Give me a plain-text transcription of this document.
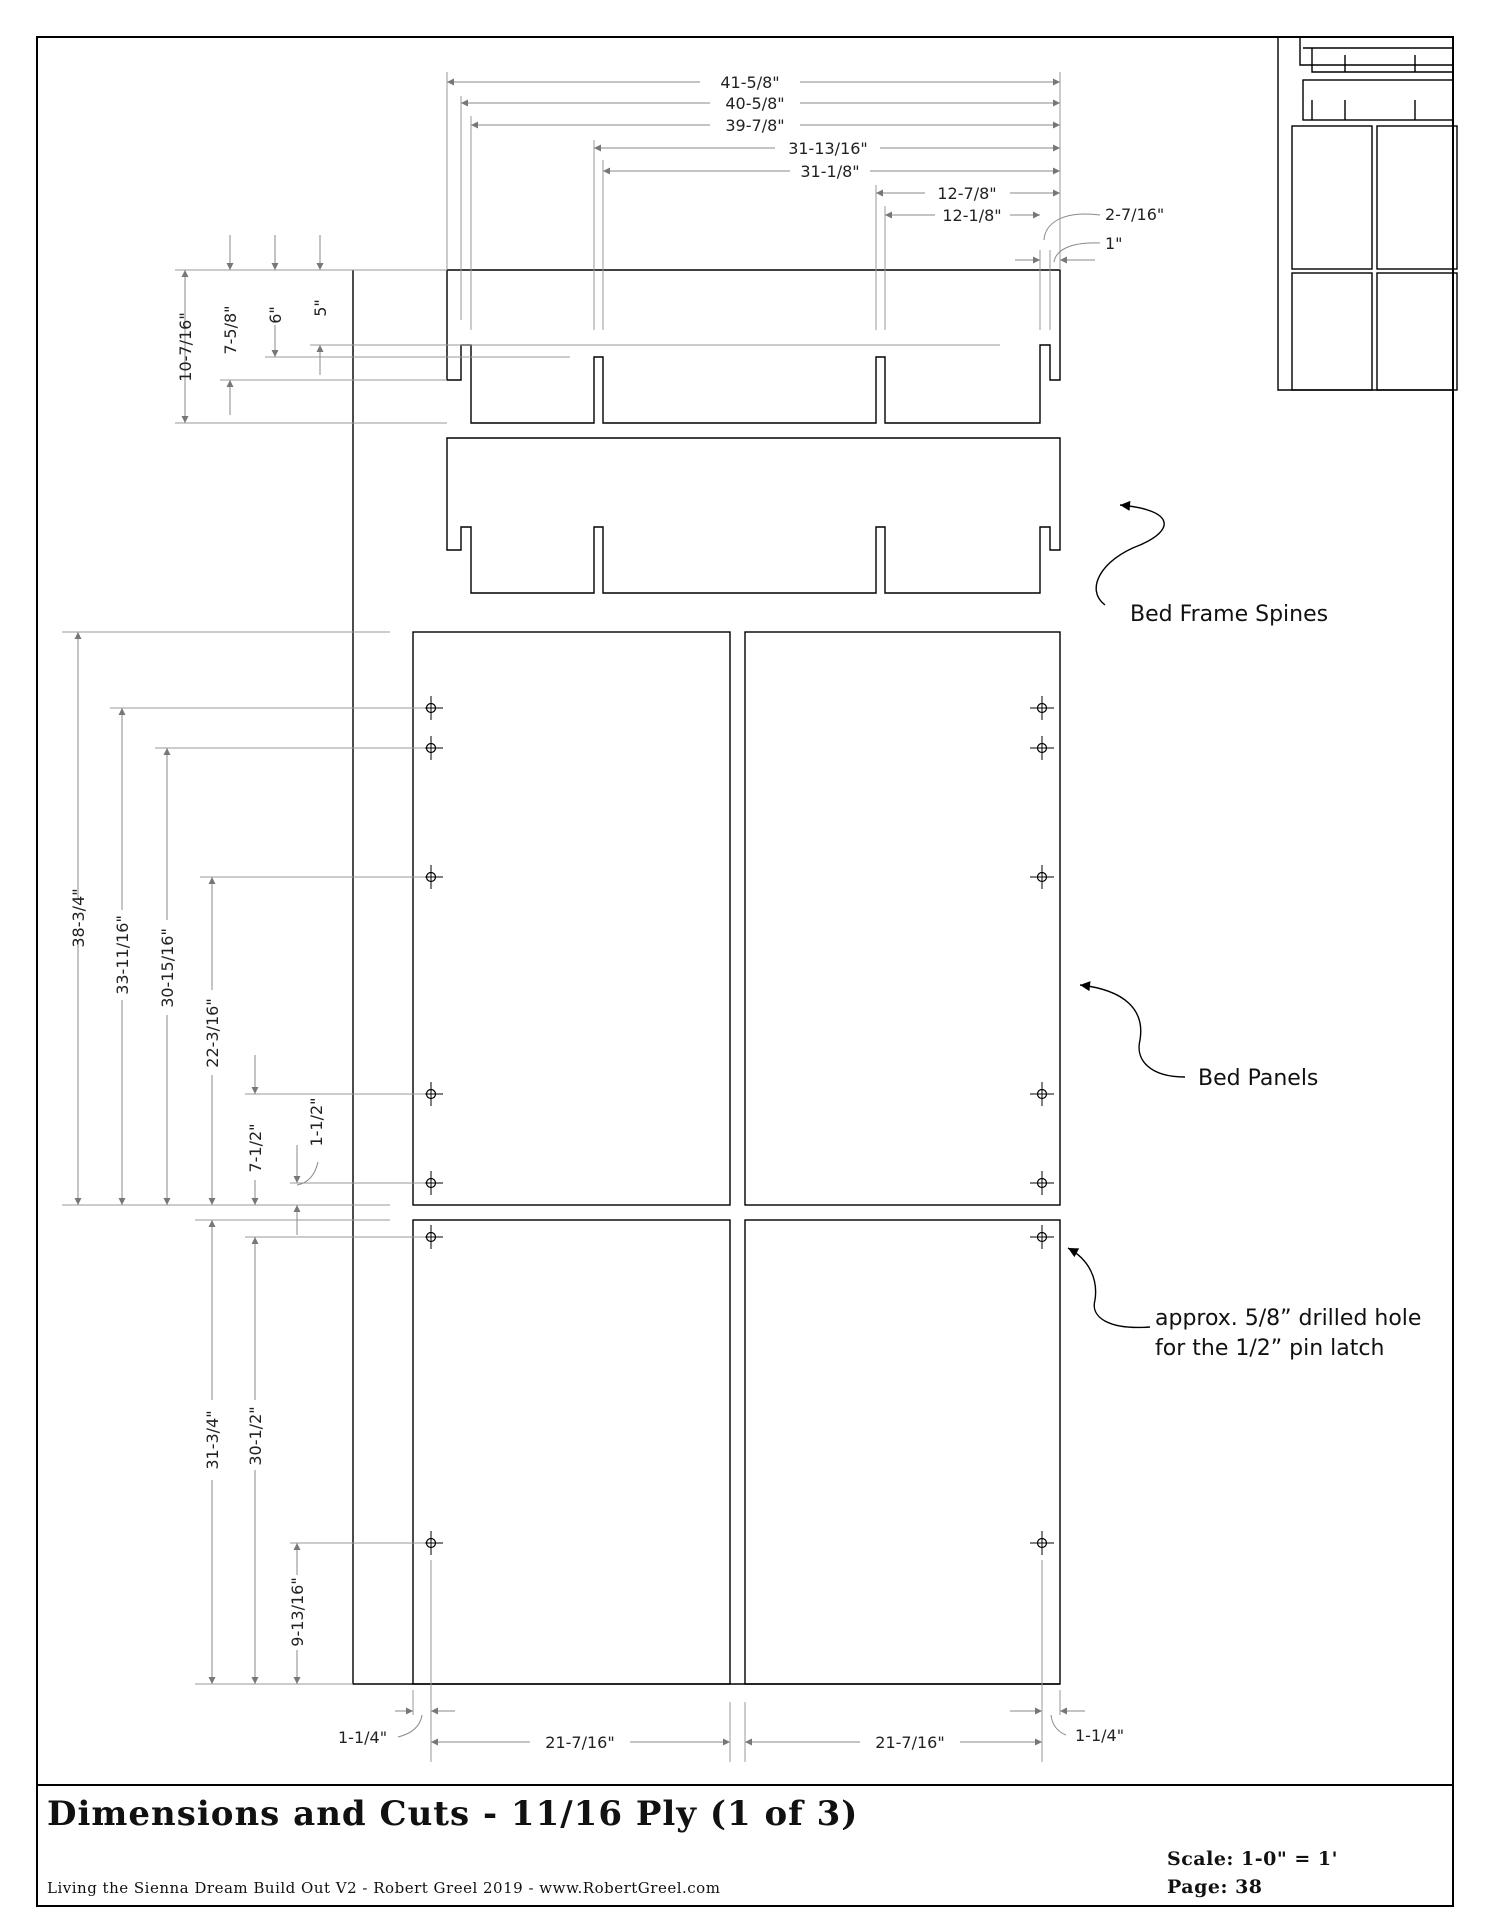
41-5/8"
40-5/8"
39-7/8"
31-13/16"
31-1/8"
12-7/8"
12-1/8"	2-7/16"
1"
10-7/16" 7-5/8" 6" 5"
38-3/4" 33-11/16" 30-15/16"
22-3/16"
7-1/2"
1-1/2"
31-3/4" 30-1/2"
9-13/16"
1-1/4"	21-7/16"	21-7/16"	1-1/4"
Bed Frame Spines
Bed Panels
approx. 5/8” drilled hole
for the 1/2” pin latch
Dimensions and Cuts - 11/16 Ply (1 of 3)
Living the Sienna Dream Build Out V2 - Robert Greel 2019 - www.RobertGreel.com
Scale: 1-0" = 1'
Page: 38
